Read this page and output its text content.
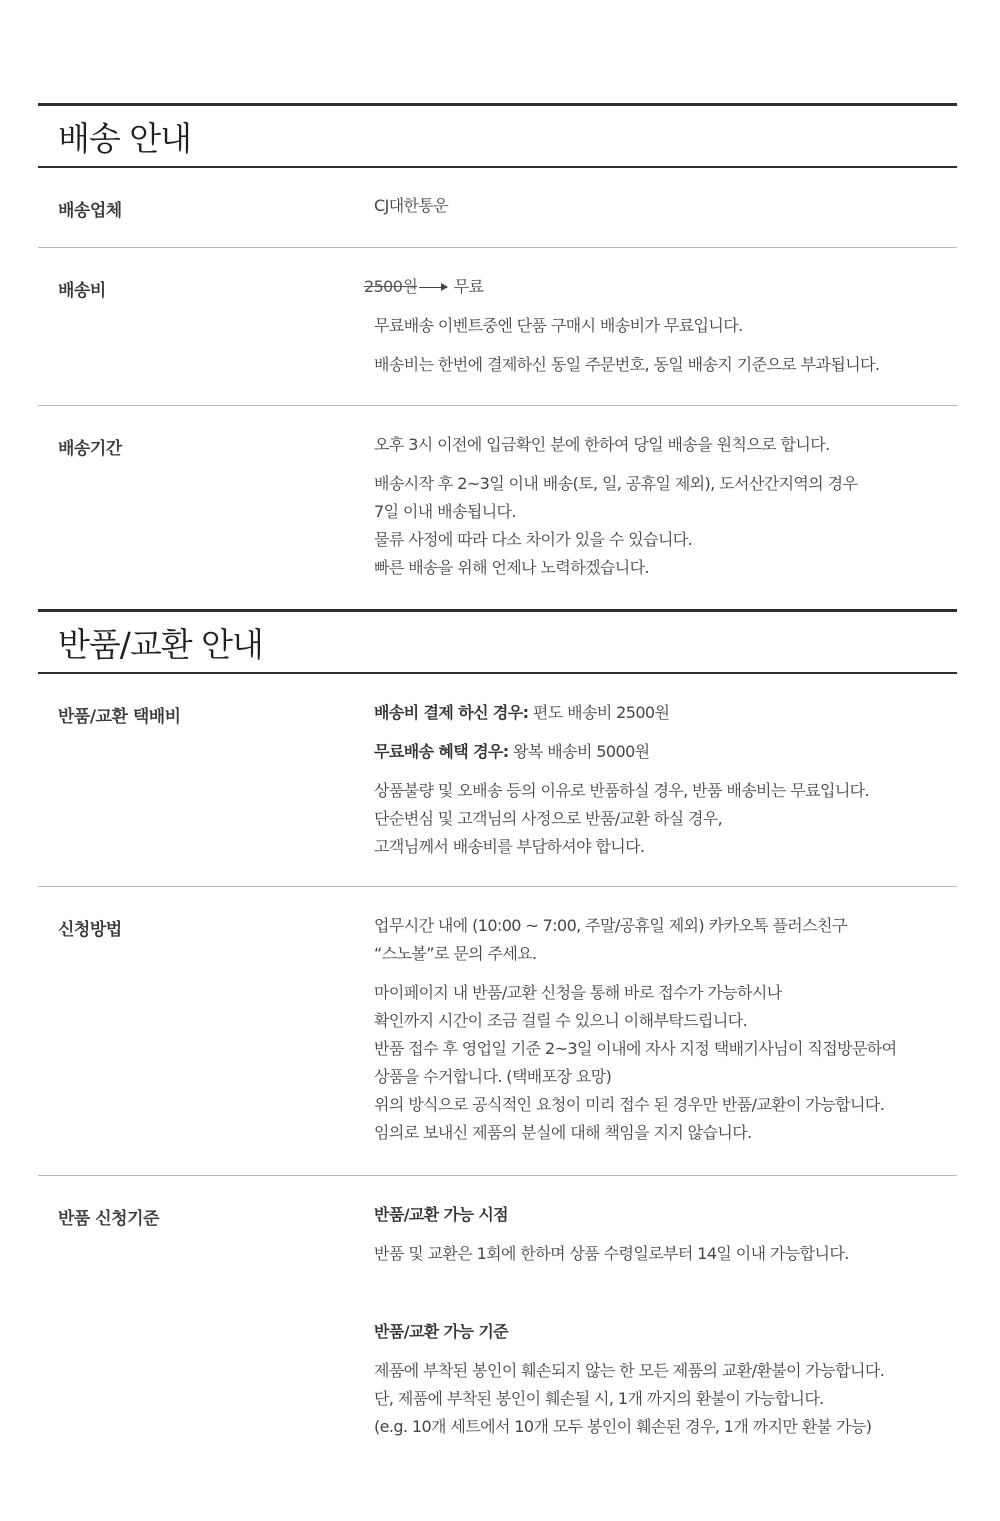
배송 안내
배송업체	CJ대한통운
배송비	2500원 무료
무료배송 이벤트중엔 단품 구매시 배송비가 무료입니다.
배송비는 한번에 결제하신 동일 주문번호, 동일 배송지 기준으로 부과됩니다.
배송기간	오후 3시 이전에 입금확인 분에 한하여 당일 배송을 원칙으로 합니다.
배송시작 후 2~3일 이내 배송(토, 일, 공휴일 제외), 도서산간지역의 경우
7일 이내 배송됩니다.
물류 사정에 따라 다소 차이가 있을 수 있습니다.
빠른 배송을 위해 언제나 노력하겠습니다.
반품/교환 안내
반품/교환 택배비	배송비 결제 하신 경우: 편도 배송비 2500원
무료배송 혜택 경우: 왕복 배송비 5000원
상품불량 및 오배송 등의 이유로 반품하실 경우, 반품 배송비는 무료입니다.
단순변심 및 고객님의 사정으로 반품/교환 하실 경우,
고객님께서 배송비를 부담하셔야 합니다.
신청방법	업무시간 내에 (10:00 ~ 7:00, 주말/공휴일 제외) 카카오톡 플러스친구
“스노볼”로 문의 주세요.
마이페이지 내 반품/교환 신청을 통해 바로 접수가 가능하시나
확인까지 시간이 조금 걸릴 수 있으니 이해부탁드립니다.
반품 접수 후 영업일 기준 2~3일 이내에 자사 지정 택배기사님이 직접방문하여
상품을 수거합니다. (택배포장 요망)
위의 방식으로 공식적인 요청이 미리 접수 된 경우만 반품/교환이 가능합니다.
임의로 보내신 제품의 분실에 대해 책임을 지지 않습니다.
반품 신청기준	반품/교환 가능 시점
반품 및 교환은 1회에 한하며 상품 수령일로부터 14일 이내 가능합니다.
반품/교환 가능 기준
제품에 부착된 봉인이 훼손되지 않는 한 모든 제품의 교환/환불이 가능합니다.
단, 제품에 부착된 봉인이 훼손될 시, 1개 까지의 환불이 가능합니다.
(e.g. 10개 세트에서 10개 모두 봉인이 훼손된 경우, 1개 까지만 환불 가능)
